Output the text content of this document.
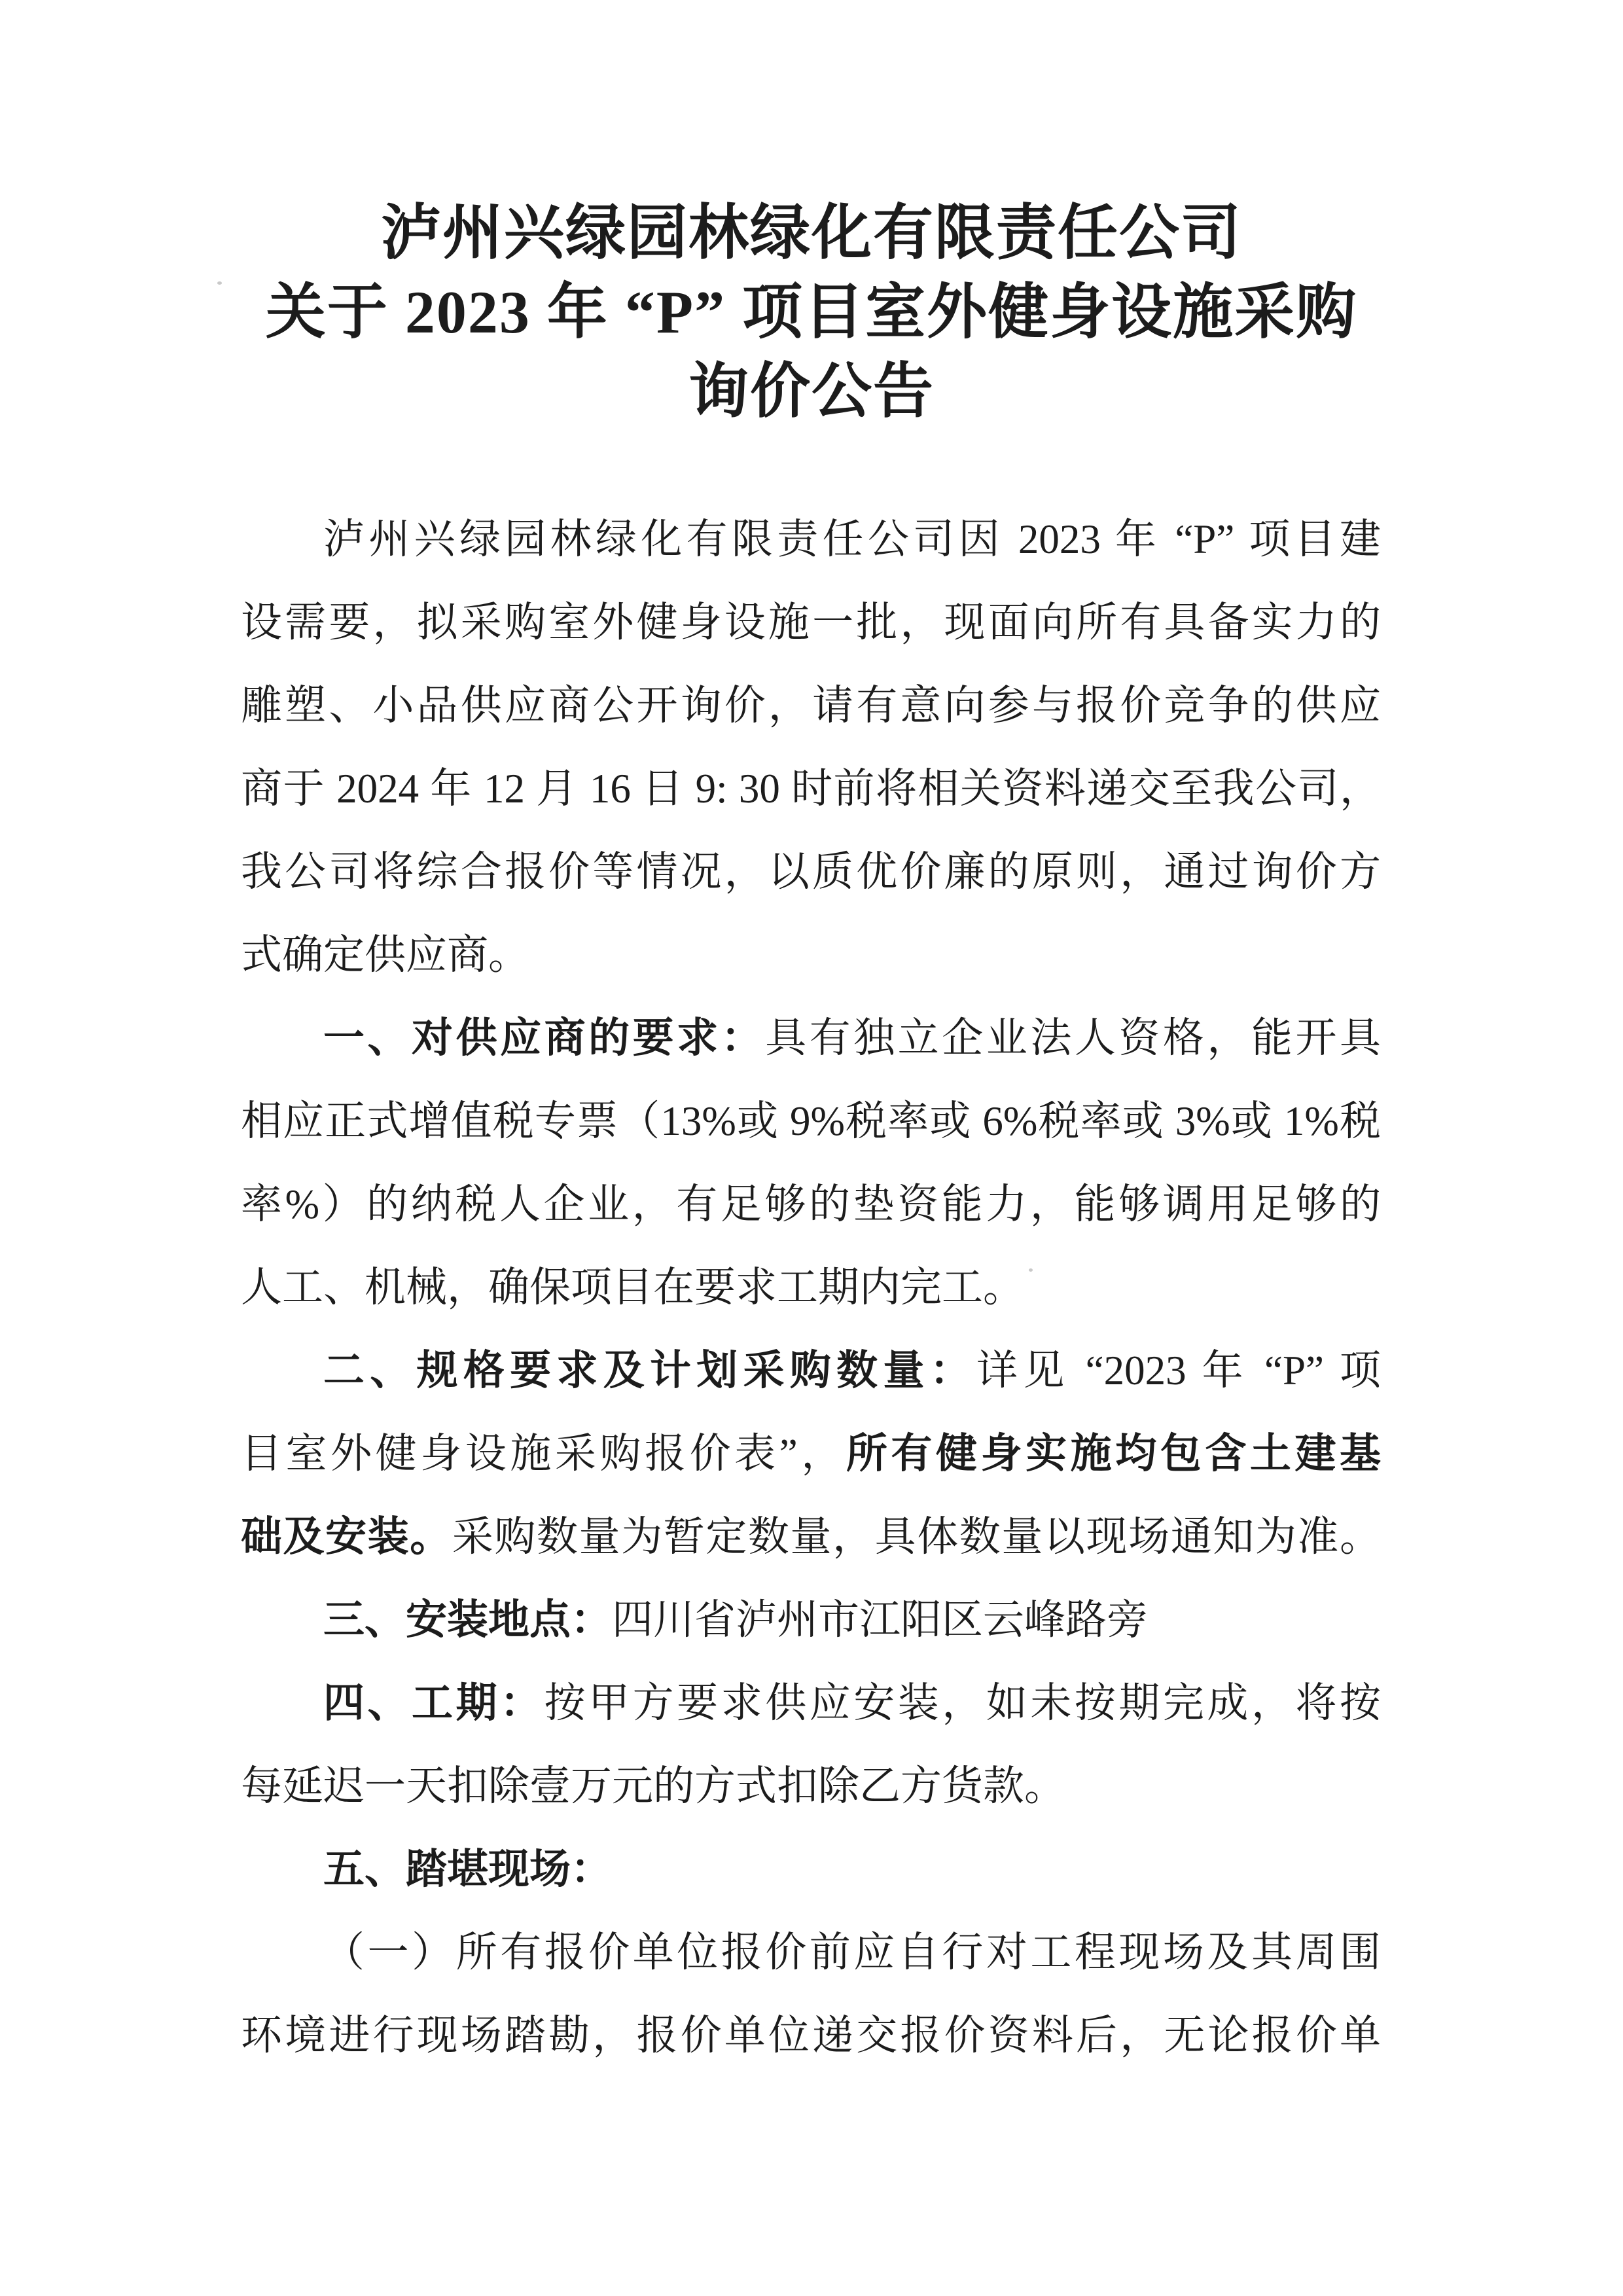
泸州兴绿园林绿化有限责任公司
关于 2023 年 “P” 项目室外健身设施采购
询价公告
泸州兴绿园林绿化有限责任公司因 2023 年 “P” 项目建
设需要，拟采购室外健身设施一批，现面向所有具备实力的
雕塑、小品供应商公开询价，请有意向参与报价竞争的供应
商于 2024 年 12 月 16 日 9: 30 时前将相关资料递交至我公司，
我公司将综合报价等情况，以质优价廉的原则，通过询价方
式确定供应商。
一、对供应商的要求：具有独立企业法人资格，能开具
相应正式增值税专票（13%或 9%税率或 6%税率或 3%或 1%税
率%）的纳税人企业，有足够的垫资能力，能够调用足够的
人工、机械，确保项目在要求工期内完工。
二、规格要求及计划采购数量：详见 “2023 年 “P” 项
目室外健身设施采购报价表”，所有健身实施均包含土建基
础及安装。采购数量为暂定数量，具体数量以现场通知为准。
三、安装地点：四川省泸州市江阳区云峰路旁
四、工期：按甲方要求供应安装，如未按期完成，将按
每延迟一天扣除壹万元的方式扣除乙方货款。
五、踏堪现场：
（一）所有报价单位报价前应自行对工程现场及其周围
环境进行现场踏勘，报价单位递交报价资料后，无论报价单
